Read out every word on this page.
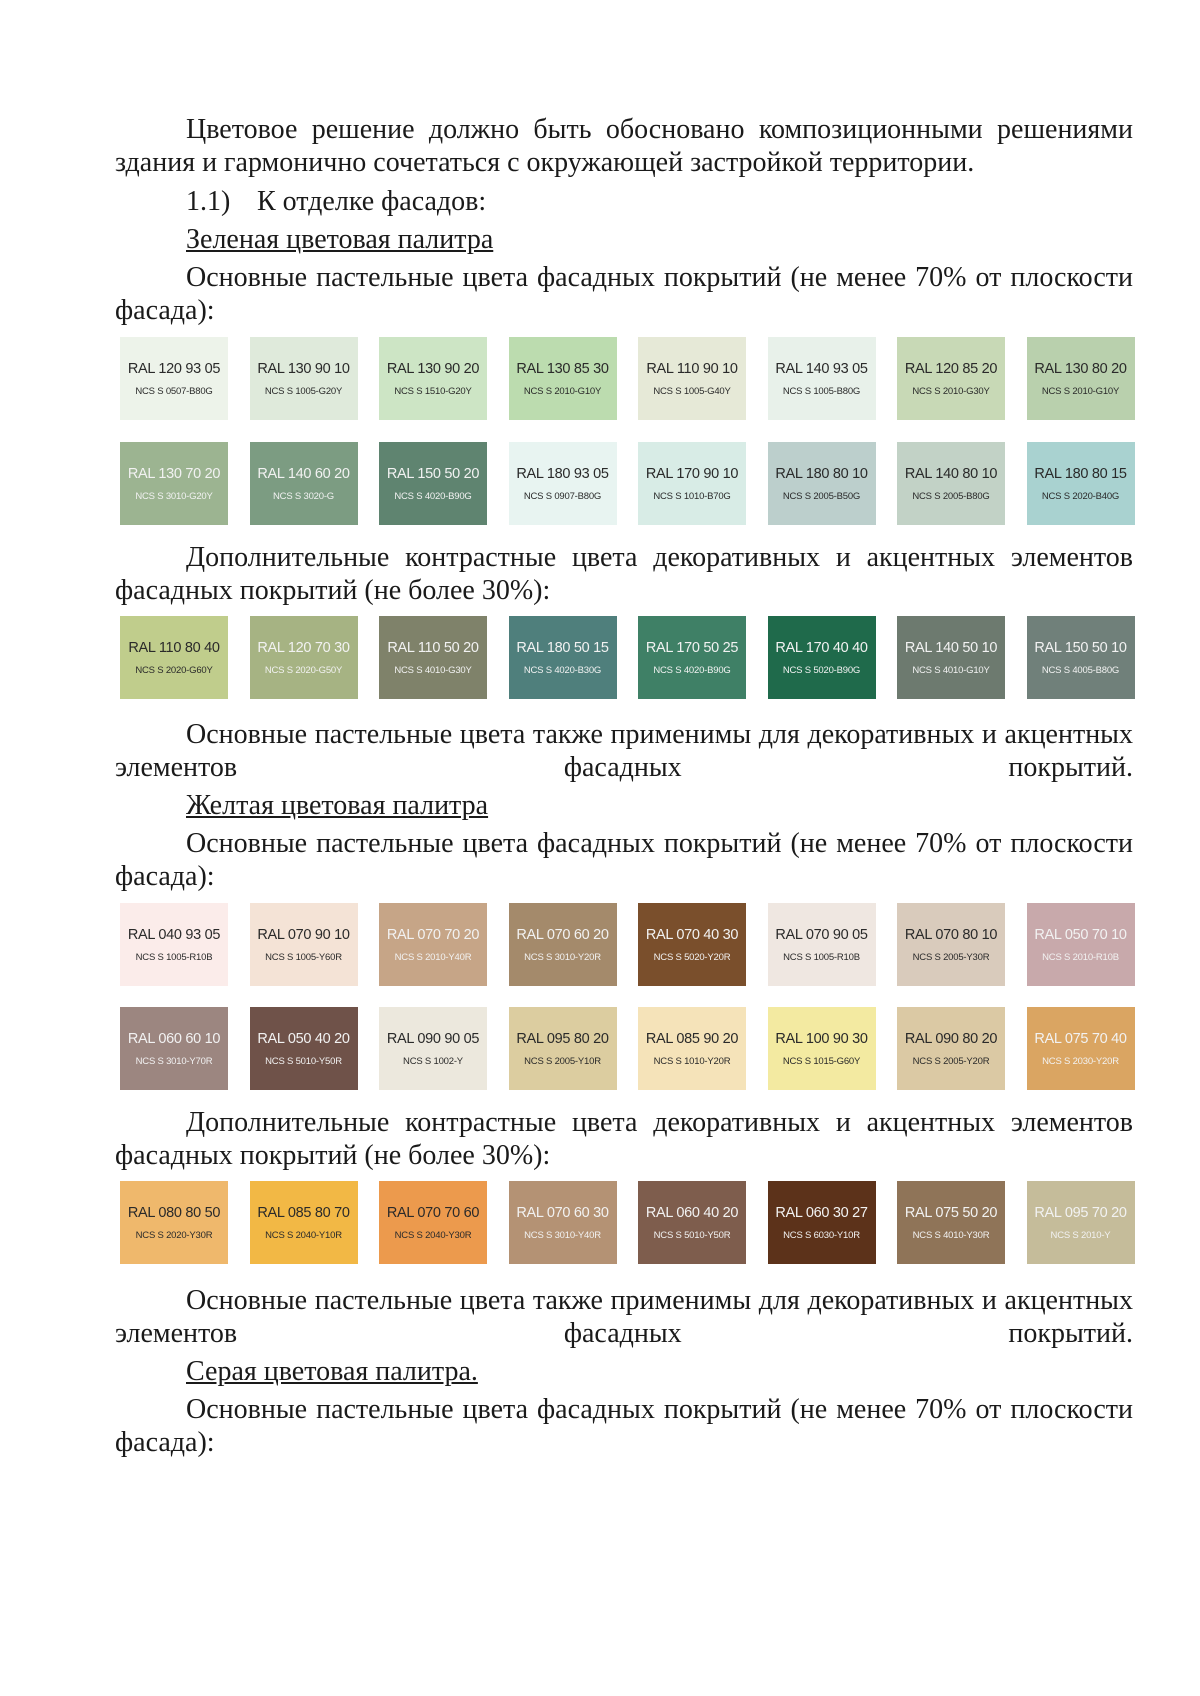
Цветовое решение должно быть обосновано композиционными решениями здания и гармонично сочетаться с окружающей застройкой территории.

1.1) К отделке фасадов:

Зеленая цветовая палитра

Основные пастельные цвета фасадных покрытий (не менее 70% от плоскости фасада):

RAL 120 93 05
NCS S 0507-B80G
RAL 130 90 10
NCS S 1005-G20Y
RAL 130 90 20
NCS S 1510-G20Y
RAL 130 85 30
NCS S 2010-G10Y
RAL 110 90 10
NCS S 1005-G40Y
RAL 140 93 05
NCS S 1005-B80G
RAL 120 85 20
NCS S 2010-G30Y
RAL 130 80 20
NCS S 2010-G10Y
RAL 130 70 20
NCS S 3010-G20Y
RAL 140 60 20
NCS S 3020-G
RAL 150 50 20
NCS S 4020-B90G
RAL 180 93 05
NCS S 0907-B80G
RAL 170 90 10
NCS S 1010-B70G
RAL 180 80 10
NCS S 2005-B50G
RAL 140 80 10
NCS S 2005-B80G
RAL 180 80 15
NCS S 2020-B40G

Дополнительные контрастные цвета декоративных и акцентных элементов фасадных покрытий (не более 30%):

RAL 110 80 40
NCS S 2020-G60Y
RAL 120 70 30
NCS S 2020-G50Y
RAL 110 50 20
NCS S 4010-G30Y
RAL 180 50 15
NCS S 4020-B30G
RAL 170 50 25
NCS S 4020-B90G
RAL 170 40 40
NCS S 5020-B90G
RAL 140 50 10
NCS S 4010-G10Y
RAL 150 50 10
NCS S 4005-B80G

Основные пастельные цвета также применимы для декоративных и акцентных элементов фасадных покрытий.

Желтая цветовая палитра

Основные пастельные цвета фасадных покрытий (не менее 70% от плоскости фасада):

RAL 040 93 05
NCS S 1005-R10B
RAL 070 90 10
NCS S 1005-Y60R
RAL 070 70 20
NCS S 2010-Y40R
RAL 070 60 20
NCS S 3010-Y20R
RAL 070 40 30
NCS S 5020-Y20R
RAL 070 90 05
NCS S 1005-R10B
RAL 070 80 10
NCS S 2005-Y30R
RAL 050 70 10
NCS S 2010-R10B
RAL 060 60 10
NCS S 3010-Y70R
RAL 050 40 20
NCS S 5010-Y50R
RAL 090 90 05
NCS S 1002-Y
RAL 095 80 20
NCS S 2005-Y10R
RAL 085 90 20
NCS S 1010-Y20R
RAL 100 90 30
NCS S 1015-G60Y
RAL 090 80 20
NCS S 2005-Y20R
RAL 075 70 40
NCS S 2030-Y20R

Дополнительные контрастные цвета декоративных и акцентных элементов фасадных покрытий (не более 30%):

RAL 080 80 50
NCS S 2020-Y30R
RAL 085 80 70
NCS S 2040-Y10R
RAL 070 70 60
NCS S 2040-Y30R
RAL 070 60 30
NCS S 3010-Y40R
RAL 060 40 20
NCS S 5010-Y50R
RAL 060 30 27
NCS S 6030-Y10R
RAL 075 50 20
NCS S 4010-Y30R
RAL 095 70 20
NCS S 2010-Y

Основные пастельные цвета также применимы для декоративных и акцентных элементов фасадных покрытий.

Серая цветовая палитра.

Основные пастельные цвета фасадных покрытий (не менее 70% от плоскости фасада):
